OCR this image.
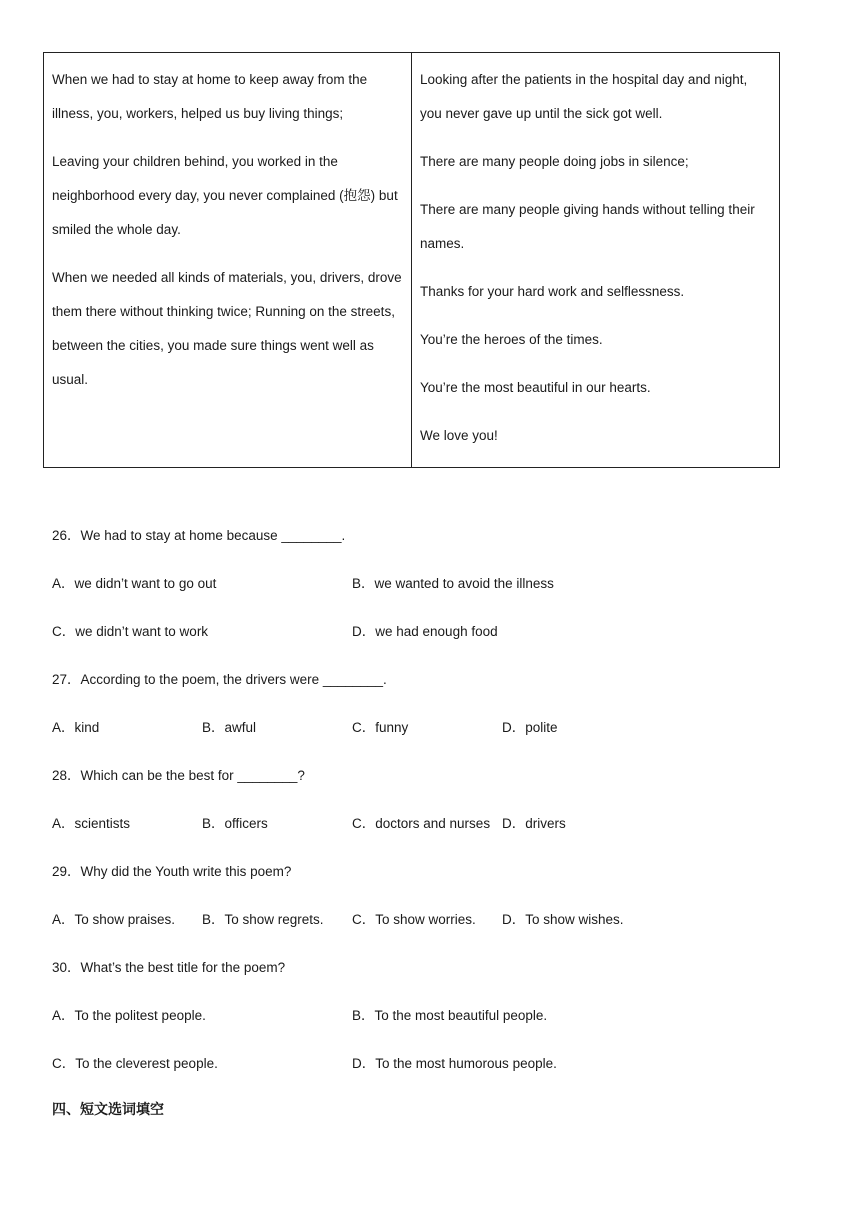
When we had to stay at home to keep away from the illness, you, workers, helped us buy living things;

Leaving your children behind, you worked in the neighborhood every day, you never complained (抱怨) but smiled the whole day.

When we needed all kinds of materials, you, drivers, drove them there without thinking twice; Running on the streets, between the cities, you made sure things went well as usual.

Looking after the patients in the hospital day and night, you never gave up until the sick got well.

There are many people doing jobs in silence;

There are many people giving hands without telling their names.

Thanks for your hard work and selflessness.

You’re the heroes of the times.

You’re the most beautiful in our hearts.

We love you!

26．We had to stay at home because ________.
A．we didn’t want to go out	B．we wanted to avoid the illness
C．we didn’t want to work	D．we had enough food
27．According to the poem, the drivers were ________.
A．kind	B．awful	C．funny	D．polite
28．Which can be the best for ________?
A．scientists	B．officers	C．doctors and nurses D．drivers
29．Why did the Youth write this poem?
A．To show praises.	B．To show regrets.	C．To show worries.	D．To show wishes.
30．What’s the best title for the poem?
A．To the politest people.	B．To the most beautiful people.
C．To the cleverest people.	D．To the most humorous people.
四、短文选词填空
